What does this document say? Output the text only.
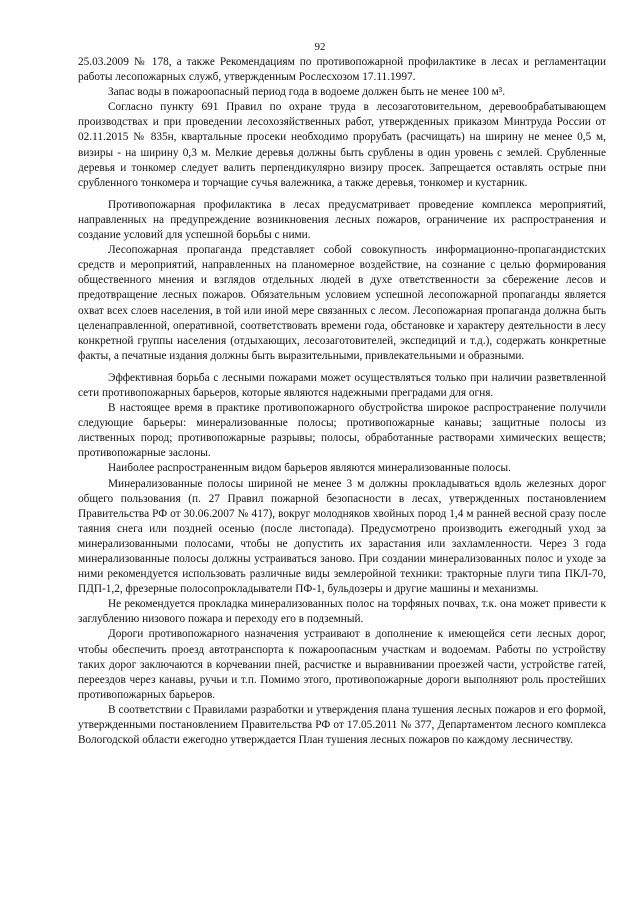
92

25.03.2009 № 178, а также Рекомендациям по противопожарной профилактике в лесах и регламентации работы лесопожарных служб, утвержденным Рослесхозом 17.11.1997.

Запас воды в пожароопасный период года в водоеме должен быть не менее 100 м³.

Согласно пункту 691 Правил по охране труда в лесозаготовительном, деревообрабатывающем производствах и при проведении лесохозяйственных работ, утвержденных приказом Минтруда России от 02.11.2015 № 835н, квартальные просеки необходимо прорубать (расчищать) на ширину не менее 0,5 м, визиры - на ширину 0,3 м. Мелкие деревья должны быть срублены в один уровень с землей. Срубленные деревья и тонкомер следует валить перпендикулярно визиру просек. Запрещается оставлять острые пни срубленного тонкомера и торчащие сучья валежника, а также деревья, тонкомер и кустарник.

Противопожарная профилактика в лесах предусматривает проведение комплекса мероприятий, направленных на предупреждение возникновения лесных пожаров, ограничение их распространения и создание условий для успешной борьбы с ними.

Лесопожарная пропаганда представляет собой совокупность информационно-пропагандистских средств и мероприятий, направленных на планомерное воздействие, на сознание с целью формирования общественного мнения и взглядов отдельных людей в духе ответственности за сбережение лесов и предотвращение лесных пожаров. Обязательным условием успешной лесопожарной пропаганды является охват всех слоев населения, в той или иной мере связанных с лесом. Лесопожарная пропаганда должна быть целенаправленной, оперативной, соответствовать времени года, обстановке и характеру деятельности в лесу конкретной группы населения (отдыхающих, лесозаготовителей, экспедиций и т.д.), содержать конкретные факты, а печатные издания должны быть выразительными, привлекательными и образными.

Эффективная борьба с лесными пожарами может осуществляться только при наличии разветвленной сети противопожарных барьеров, которые являются надежными преградами для огня.

В настоящее время в практике противопожарного обустройства широкое распространение получили следующие барьеры: минерализованные полосы; противопожарные канавы; защитные полосы из лиственных пород; противопожарные разрывы; полосы, обработанные растворами химических веществ; противопожарные заслоны.

Наиболее распространенным видом барьеров являются минерализованные полосы.

Минерализованные полосы шириной не менее 3 м должны прокладываться вдоль железных дорог общего пользования (п. 27 Правил пожарной безопасности в лесах, утвержденных постановлением Правительства РФ от 30.06.2007 № 417), вокруг молодняков хвойных пород 1,4 м ранней весной сразу после таяния снега или поздней осенью (после листопада). Предусмотрено производить ежегодный уход за минерализованными полосами, чтобы не допустить их зарастания или захламленности. Через 3 года минерализованные полосы должны устраиваться заново. При создании минерализованных полос и уходе за ними рекомендуется использовать различные виды землеройной техники: тракторные плуги типа ПКЛ-70, ПДП-1,2, фрезерные полосопрокладыватели ПФ-1, бульдозеры и другие машины и механизмы.

Не рекомендуется прокладка минерализованных полос на торфяных почвах, т.к. она может привести к заглублению низового пожара и переходу его в подземный.

Дороги противопожарного назначения устраивают в дополнение к имеющейся сети лесных дорог, чтобы обеспечить проезд автотранспорта к пожароопасным участкам и водоемам. Работы по устройству таких дорог заключаются в корчевании пней, расчистке и выравнивании проезжей части, устройстве гатей, переездов через канавы, ручьи и т.п. Помимо этого, противопожарные дороги выполняют роль простейших противопожарных барьеров.

В соответствии с Правилами разработки и утверждения плана тушения лесных пожаров и его формой, утвержденными постановлением Правительства РФ от 17.05.2011 № 377, Департаментом лесного комплекса Вологодской области ежегодно утверждается План тушения лесных пожаров по каждому лесничеству.
